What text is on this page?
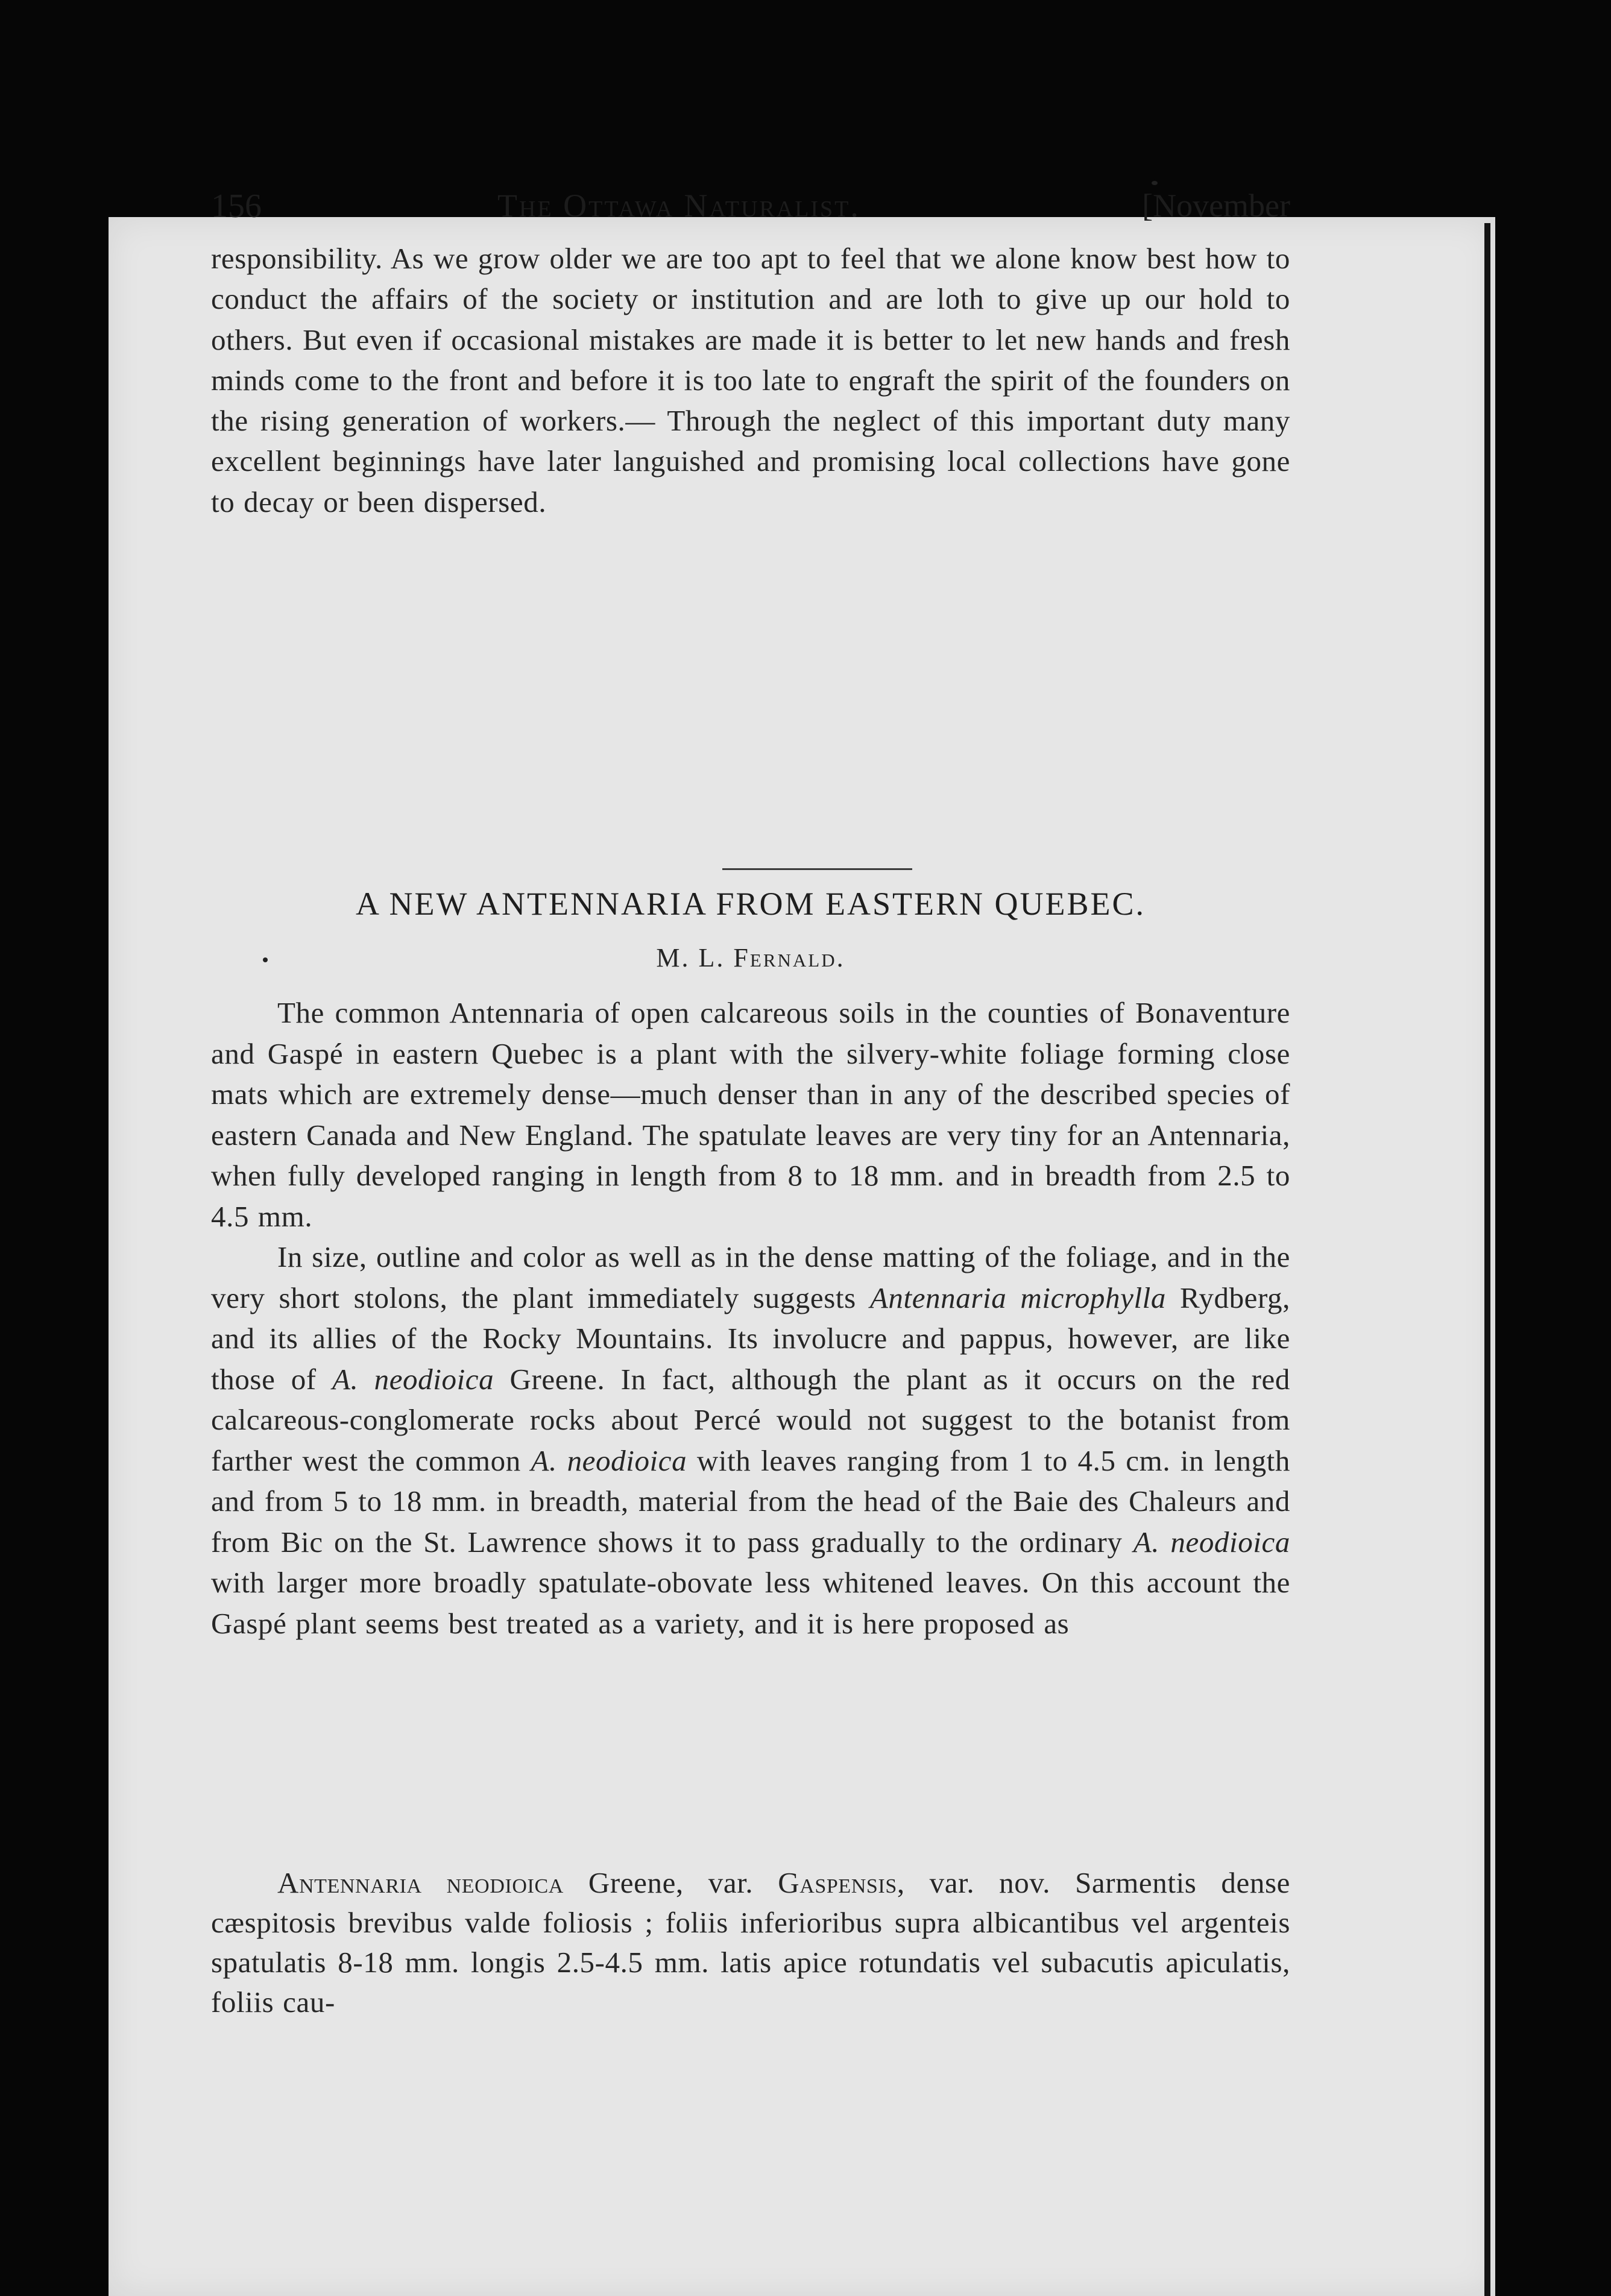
156	The Ottawa Naturalist.	[November
responsibility. As we grow older we are too apt to feel that we alone know best how to conduct the affairs of the society or institution and are loth to give up our hold to others. But even if occasional mistakes are made it is better to let new hands and fresh minds come to the front and before it is too late to engraft the spirit of the founders on the rising generation of workers.— Through the neglect of this important duty many excellent beginnings have later languished and promising local collections have gone to decay or been dispersed.
A NEW ANTENNARIA FROM EASTERN QUEBEC.
M. L. Fernald.

The common Antennaria of open calcareous soils in the counties of Bonaventure and Gaspé in eastern Quebec is a plant with the silvery-white foliage forming close mats which are extremely dense—much denser than in any of the described species of eastern Canada and New England. The spatulate leaves are very tiny for an Antennaria, when fully developed ranging in length from 8 to 18 mm. and in breadth from 2.5 to 4.5 mm.

In size, outline and color as well as in the dense matting of the foliage, and in the very short stolons, the plant immediately suggests Antennaria microphylla Rydberg, and its allies of the Rocky Mountains. Its involucre and pappus, however, are like those of A. neodioica Greene. In fact, although the plant as it occurs on the red calcareous-conglomerate rocks about Percé would not suggest to the botanist from farther west the common A. neodioica with leaves ranging from 1 to 4.5 cm. in length and from 5 to 18 mm. in breadth, material from the head of the Baie des Chaleurs and from Bic on the St. Lawrence shows it to pass gradually to the ordinary A. neodioica with larger more broadly spatulate-obovate less whitened leaves. On this account the Gaspé plant seems best treated as a variety, and it is here proposed as

Antennaria neodioica Greene, var. Gaspensis, var. nov. Sarmentis dense cæspitosis brevibus valde foliosis ; foliis inferioribus supra albicantibus vel argenteis spatulatis 8-18 mm. longis 2.5-4.5 mm. latis apice rotundatis vel subacutis apiculatis, foliis cau-
